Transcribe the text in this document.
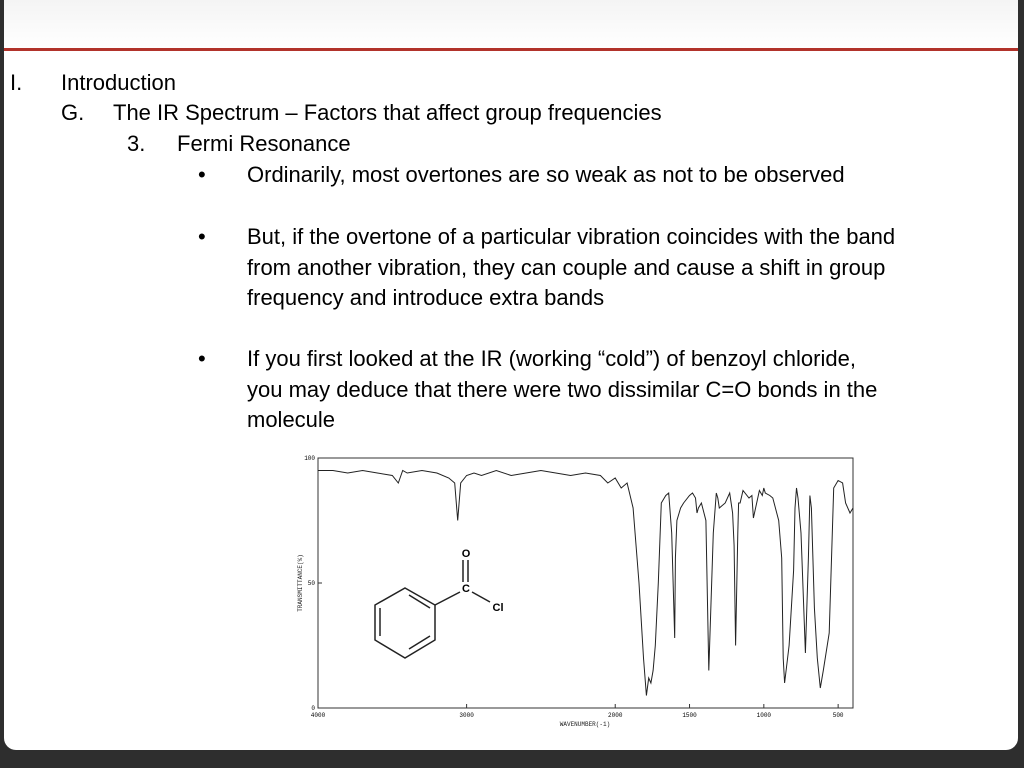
I. Introduction
G. The IR Spectrum – Factors that affect group frequencies
3. Fermi Resonance
• Ordinarily, most overtones are so weak as not to be observed
• But, if the overtone of a particular vibration coincides with the band
from another vibration, they can couple and cause a shift in group
frequency and introduce extra bands
• If you first looked at the IR (working “cold”) of benzoyl chloride,
you may deduce that there were two dissimilar C=O bonds in the
molecule
4000	3000	2000	1500	1000	500
0
50
100
TRANSMITTANCE(%)
WAVENUMBER(-1)
O
C
Cl
